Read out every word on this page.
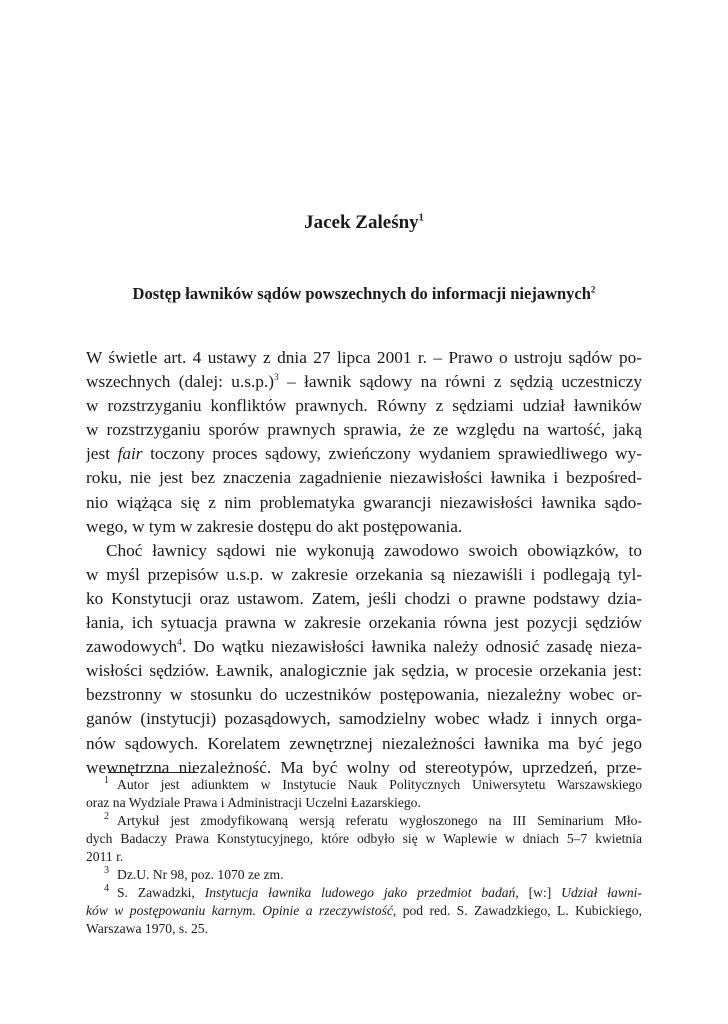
Jacek Zaleśny$^1$
Dostęp ławników sądów powszechnych do informacji niejawnych$^2$
W świetle art. 4 ustawy z dnia 27 lipca 2001 r. – Prawo o ustroju sądów po-
wszechnych (dalej: u.s.p.)$^3$ – ławnik sądowy na równi z sędzią uczestniczy
w rozstrzyganiu konfliktów prawnych. Równy z sędziami udział ławników
w rozstrzyganiu sporów prawnych sprawia, że ze względu na wartość, jaką
jest fair toczony proces sądowy, zwieńczony wydaniem sprawiedliwego wy-
roku, nie jest bez znaczenia zagadnienie niezawisłości ławnika i bezpośred-
nio wiążąca się z nim problematyka gwarancji niezawisłości ławnika sądo-
wego, w tym w zakresie dostępu do akt postępowania.
Choć ławnicy sądowi nie wykonują zawodowo swoich obowiązków, to
w myśl przepisów u.s.p. w zakresie orzekania są niezawiśli i podlegają tyl-
ko Konstytucji oraz ustawom. Zatem, jeśli chodzi o prawne podstawy dzia-
łania, ich sytuacja prawna w zakresie orzekania równa jest pozycji sędziów
zawodowych$^4$. Do wątku niezawisłości ławnika należy odnosić zasadę nieza-
wisłości sędziów. Ławnik, analogicznie jak sędzia, w procesie orzekania jest:
bezstronny w stosunku do uczestników postępowania, niezależny wobec or-
ganów (instytucji) pozasądowych, samodzielny wobec władz i innych orga-
nów sądowych. Korelatem zewnętrznej niezależności ławnika ma być jego
wewnętrzna niezależność. Ma być wolny od stereotypów, uprzedzeń, prze-
$^1$ Autor jest adiunktem w Instytucie Nauk Politycznych Uniwersytetu Warszawskiego
oraz na Wydziale Prawa i Administracji Uczelni Łazarskiego.
$^2$ Artykuł jest zmodyfikowaną wersją referatu wygłoszonego na III Seminarium Mło-
dych Badaczy Prawa Konstytucyjnego, które odbyło się w Waplewie w dniach 5–7 kwietnia
2011 r.
$^3$ Dz.U. Nr 98, poz. 1070 ze zm.
$^4$ S. Zawadzki, Instytucja ławnika ludowego jako przedmiot badań, [w:] Udział ławni-
ków w postępowaniu karnym. Opinie a rzeczywistość, pod red. S. Zawadzkiego, L. Kubickiego,
Warszawa 1970, s. 25.
